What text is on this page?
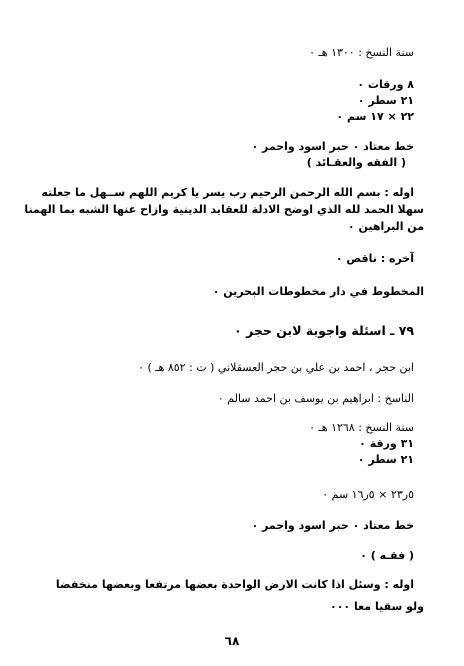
سنة النسخ : ١٣٠٠ هـ ٠
٨ ورقات ٠
٢١ سطر ٠
٢٢ × ١٧ سم ٠
خط معتاد ٠ حبر اسود واحمر ٠
( الفقه والعقـائد )
اوله : بسم الله الرحمن الرحيم رب يسر يا كريم اللهم ســهل ما جعلته
سهلا الحمد لله الذي اوضح الادلة للعقايد الدينية وازاح عنها الشبه بما الهمنا
من البراهين ٠
آخره : ناقص ٠
المخطوط في دار مخطوطات البحرين ٠
٧٩ ـ اسئلة واجوبة لابن حجر ٠
ابن حجر ، احمد بن علي بن حجر العسقلاني ( ت : ٨٥٢ هـ ) ٠
الناسخ : ابراهيم بن يوسف بن احمد سالم ٠
سنة النسخ : ١٢٦٨ هـ ٠
٣١ ورقة ٠
٢١ سطر ٠
٥ر٢٣ × ٥ر١٦ سم ٠
خط معتاد ٠ حبر اسود واحمر ٠
( فقـه ) ٠
اوله : وسئل اذا كانت الارض الواحدة بعضها مرتفعا وبعضها منخفضا
ولو سقيا معا ٠٠٠
٦٨
